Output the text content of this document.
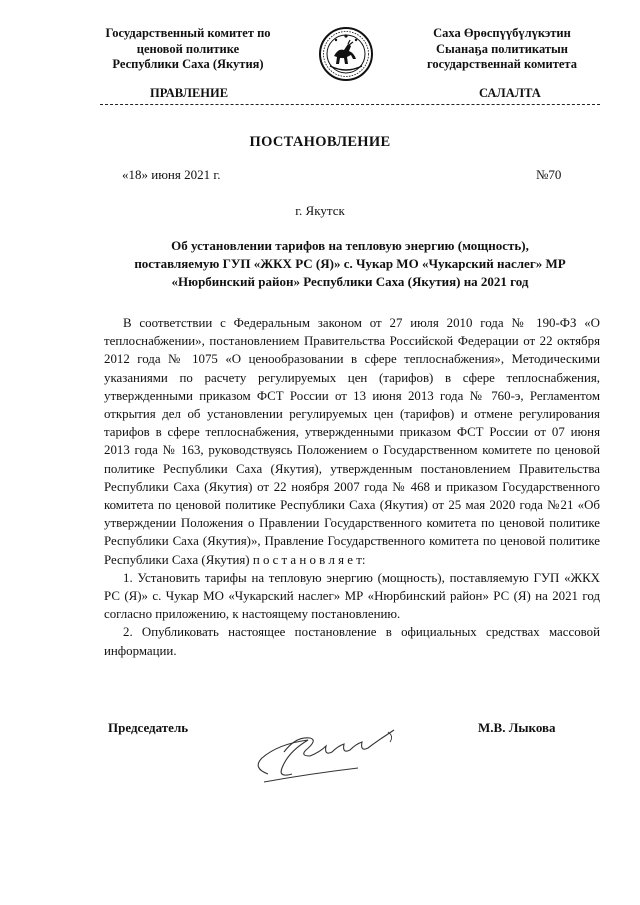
Государственный комитет по
ценовой политике
Республики Саха (Якутия)
Саха Өрөспүүбүлүкэтин
Сыанаҕа политикатын
государственнай комитета
ПРАВЛЕНИЕ	САЛАЛТА
ПОСТАНОВЛЕНИЕ
«18» июня 2021 г.	№70
г. Якутск
Об установлении тарифов на тепловую энергию (мощность),
поставляемую ГУП «ЖКХ РС (Я)» с. Чукар МО «Чукарский наслег» МР
«Нюрбинский район» Республики Саха (Якутия) на 2021 год

В соответствии с Федеральным законом от 27 июля 2010 года № 190-ФЗ «О теплоснабжении», постановлением Правительства Российской Федерации от 22 октября 2012 года № 1075 «О ценообразовании в сфере теплоснабжения», Методическими указаниями по расчету регулируемых цен (тарифов) в сфере теплоснабжения, утвержденными приказом ФСТ России от 13 июня 2013 года № 760-э, Регламентом открытия дел об установлении регулируемых цен (тарифов) и отмене регулирования тарифов в сфере теплоснабжения, утвержденными приказом ФСТ России от 07 июня 2013 года № 163, руководствуясь Положением о Государственном комитете по ценовой политике Республики Саха (Якутия), утвержденным постановлением Правительства Республики Саха (Якутия) от 22 ноября 2007 года № 468 и приказом Государственного комитета по ценовой политике Республики Саха (Якутия) от 25 мая 2020 года №21 «Об утверждении Положения о Правлении Государственного комитета по ценовой политике Республики Саха (Якутия)», Правление Государственного комитета по ценовой политике Республики Саха (Якутия) п о с т а н о в л я е т:

1. Установить тарифы на тепловую энергию (мощность), поставляемую ГУП «ЖКХ РС (Я)» с. Чукар МО «Чукарский наслег» МР «Нюрбинский район» РС (Я) на 2021 год согласно приложению, к настоящему постановлению.

2. Опубликовать настоящее постановление в официальных средствах массовой информации.

Председатель	М.В. Лыкова
